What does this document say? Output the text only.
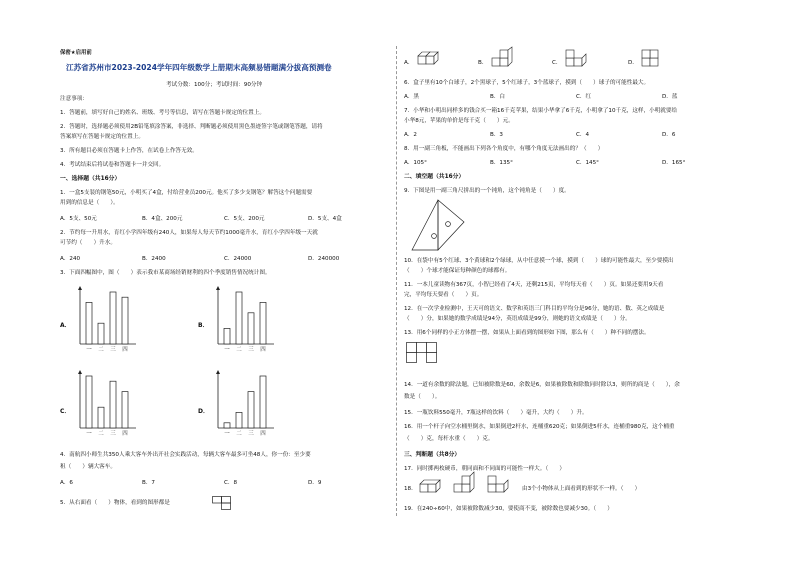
保密★启用前
江苏省苏州市2023-2024学年四年级数学上册期末高频易错题满分拔高预测卷
考试分数：100分；考试时间：90分钟
注意事项：
1．答题前，填写好自己的姓名、班级、考号等信息，请写在答题卡规定的位置上。
2．答题时，选择题必须使用2B铅笔填涂答案，非选择、判断题必须使用黑色墨迹签字笔或钢笔答题，请将
答案填写在答题卡规定的位置上。
3．所有题目必须在答题卡上作答，在试卷上作答无效。
4．考试结束后将试卷和答题卡一并交回。
一、选择题（共16分）
1．一盒5支装的钢笔50元，小明买了4盒，付给营业员200元。他买了多少支钢笔？解答这个问题需要
用到的信息是（　　）。
A．5支、50元	B．4盒、200元	C．5支、200元	D．5支、4盒
2．节约每一升用水，育红小学四年级有240人，如果每人每天节约1000毫升水，育红小学四年级一天就
可节约（　　）升水。
A．240	B．2400	C．24000	D．240000
3．下面四幅图中，图（　　）表示我市某商场经销财利的四个季度销售情况统计图。
A．
一 二 三 四
B．
一 二 三 四
C．
一 二 三 四
D．
一 二 三 四
4．南航四小师生共350人乘大客车外出开社会实践活动，每辆大客车最多可坐48人，你一份：至少要
租（　　）辆大客车。
A．6	B．7	C．8	D．9
5．从右面看（　　）物体，看到的图形都是
A．	B．	C．	D．
6．盒子里有10个白球子，2个黑球子，5个红球子，3个蓝球子，摸到（　　）球子的可能性最大。
A．黑	B．白	C．红	D．蓝
7．小华和小明出同样多的钱合买一箱16千克苹果，结果小华拿了6千克，小明拿了10千克，这样，小明就要给
小华8元，苹果的单价是每千克（　　）元。
A．2	B．3	C．4	D．6
8．用一副三角板，不能画出下列各个角度中，有哪个角度无法画出的？（　　）
A．105°	B．135°	C．145°	D．165°
二、填空题（共16分）
9．下图是用一副三角尺拼出的一个钝角，这个钝角是（　　）度。
10．在袋中有5个红球、3个黄球和2个绿球，从中任意摸一个球，摸到（　　）球的可能性最大，至少要摸出
（　　）个球才能保证每种颜色的球都有。
11．一本儿童读物有367页，小智已经看了4天，还剩215页，平均每天看（　　）页。如果还要用9天看
完，平均每天要看（　　）页。
12．在一次学业检测中，王天可的语文、数学和英语三门科目的平均分是96分，她的语、数、英之成绩是
（　　）分，如果她的数学成绩是94分，英语成绩是99分，则她的语文成绩是（　　）分。
13．用6个同样的小正方体摆一摆，如果从上面看到的图形如下图，那么有（　　）种不同的摆法。
14．一道有余数的除法题，已知被除数是60，余数是6，如果被除数和除数同时除以3，则所的商是（　　），余
数是（　　）。
15．一瓶饮料550毫升，7瓶这样的饮料（　　）毫升，大约（　　）升。
16．用一个杆子向空水桶里倒水，如果倒进2杆水，连桶重620克；如果倒进5杆水，连桶重980克，这个桶重
（　　）克，每杆水重（　　）克。
三、判断题（共8分）
17．同时掷两枚硬币，朝同面和不同面的可能性一样大。（　　）
18．	由3个小物体从上面看到的形状不一样。（　　）
19．在240÷60中，如果被除数减少30，要使商不变，被除数也要减少30。（　　）
